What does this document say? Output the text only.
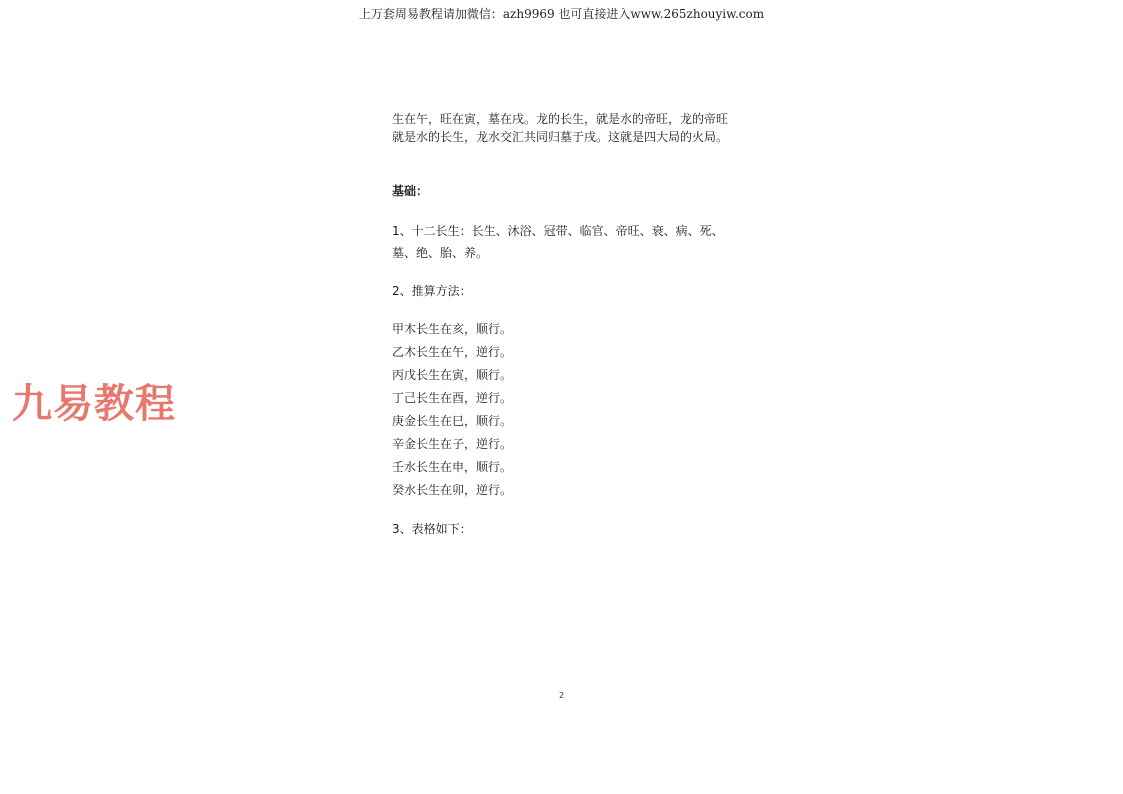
上万套周易教程请加微信：azh9969 也可直接进入www.265zhouyiw.com

生在午，旺在寅，墓在戌。龙的长生，就是水的帝旺，龙的帝旺就是水的长生，龙水交汇共同归墓于戌。这就是四大局的火局。

基础：

1、十二长生：长生、沐浴、冠带、临官、帝旺、衰、病、死、墓、绝、胎、养。

2、推算方法：

甲木长生在亥，顺行。
乙木长生在午，逆行。
丙戊长生在寅，顺行。
丁己长生在酉，逆行。
庚金长生在巳，顺行。
辛金长生在子，逆行。
壬水长生在申，顺行。
癸水长生在卯，逆行。

3、表格如下：

九易教程
2
